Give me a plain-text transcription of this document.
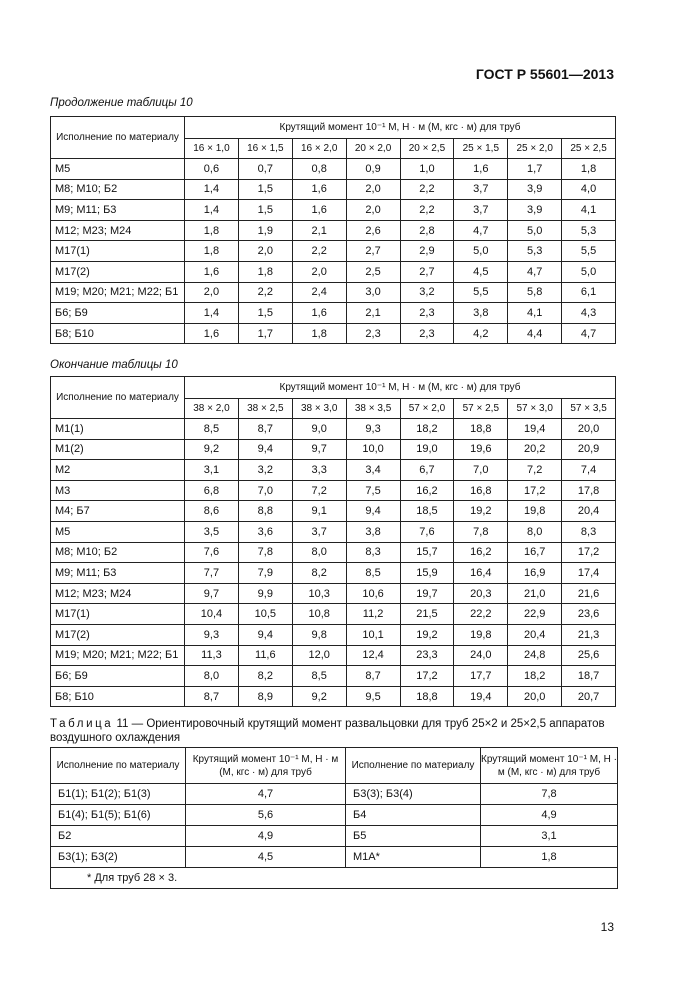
ГОСТ Р 55601—2013
Продолжение таблицы 10
Исполнение по материалу	Крутящий момент 10⁻¹ М, Н · м (М, кгс · м) для труб							
	16 × 1,0	16 × 1,5	16 × 2,0	20 × 2,0	20 × 2,5	25 × 1,5	25 × 2,0	25 × 2,5
М5	0,6	0,7	0,8	0,9	1,0	1,6	1,7	1,8
М8; М10; Б2	1,4	1,5	1,6	2,0	2,2	3,7	3,9	4,0
М9; М11; Б3	1,4	1,5	1,6	2,0	2,2	3,7	3,9	4,1
М12; М23; М24	1,8	1,9	2,1	2,6	2,8	4,7	5,0	5,3
М17(1)	1,8	2,0	2,2	2,7	2,9	5,0	5,3	5,5
М17(2)	1,6	1,8	2,0	2,5	2,7	4,5	4,7	5,0
М19; М20; М21; М22; Б1	2,0	2,2	2,4	3,0	3,2	5,5	5,8	6,1
Б6; Б9	1,4	1,5	1,6	2,1	2,3	3,8	4,1	4,3
Б8; Б10	1,6	1,7	1,8	2,3	2,3	4,2	4,4	4,7
Окончание таблицы 10
Исполнение по материалу	Крутящий момент 10⁻¹ М, Н · м (М, кгс · м) для труб							
	38 × 2,0	38 × 2,5	38 × 3,0	38 × 3,5	57 × 2,0	57 × 2,5	57 × 3,0	57 × 3,5
М1(1)	8,5	8,7	9,0	9,3	18,2	18,8	19,4	20,0
М1(2)	9,2	9,4	9,7	10,0	19,0	19,6	20,2	20,9
М2	3,1	3,2	3,3	3,4	6,7	7,0	7,2	7,4
М3	6,8	7,0	7,2	7,5	16,2	16,8	17,2	17,8
М4; Б7	8,6	8,8	9,1	9,4	18,5	19,2	19,8	20,4
М5	3,5	3,6	3,7	3,8	7,6	7,8	8,0	8,3
М8; М10; Б2	7,6	7,8	8,0	8,3	15,7	16,2	16,7	17,2
М9; М11; Б3	7,7	7,9	8,2	8,5	15,9	16,4	16,9	17,4
М12; М23; М24	9,7	9,9	10,3	10,6	19,7	20,3	21,0	21,6
М17(1)	10,4	10,5	10,8	11,2	21,5	22,2	22,9	23,6
М17(2)	9,3	9,4	9,8	10,1	19,2	19,8	20,4	21,3
М19; М20; М21; М22; Б1	11,3	11,6	12,0	12,4	23,3	24,0	24,8	25,6
Б6; Б9	8,0	8,2	8,5	8,7	17,2	17,7	18,2	18,7
Б8; Б10	8,7	8,9	9,2	9,5	18,8	19,4	20,0	20,7
Таблица 11 — Ориентировочный крутящий момент развальцовки для труб 25×2 и 25×2,5 аппаратов воздушного охлаждения
Исполнение по материалу	Крутящий момент 10⁻¹ М, Н · м (М, кгс · м) для труб	Исполнение по материалу	Крутящий момент 10⁻¹ М, Н · м (М, кгс · м) для труб
Б1(1); Б1(2); Б1(3)	4,7	Б3(3); Б3(4)	7,8
Б1(4); Б1(5); Б1(6)	5,6	Б4	4,9
Б2	4,9	Б5	3,1
Б3(1); Б3(2)	4,5	М1А*	1,8
* Для труб 28 × 3.			
13
